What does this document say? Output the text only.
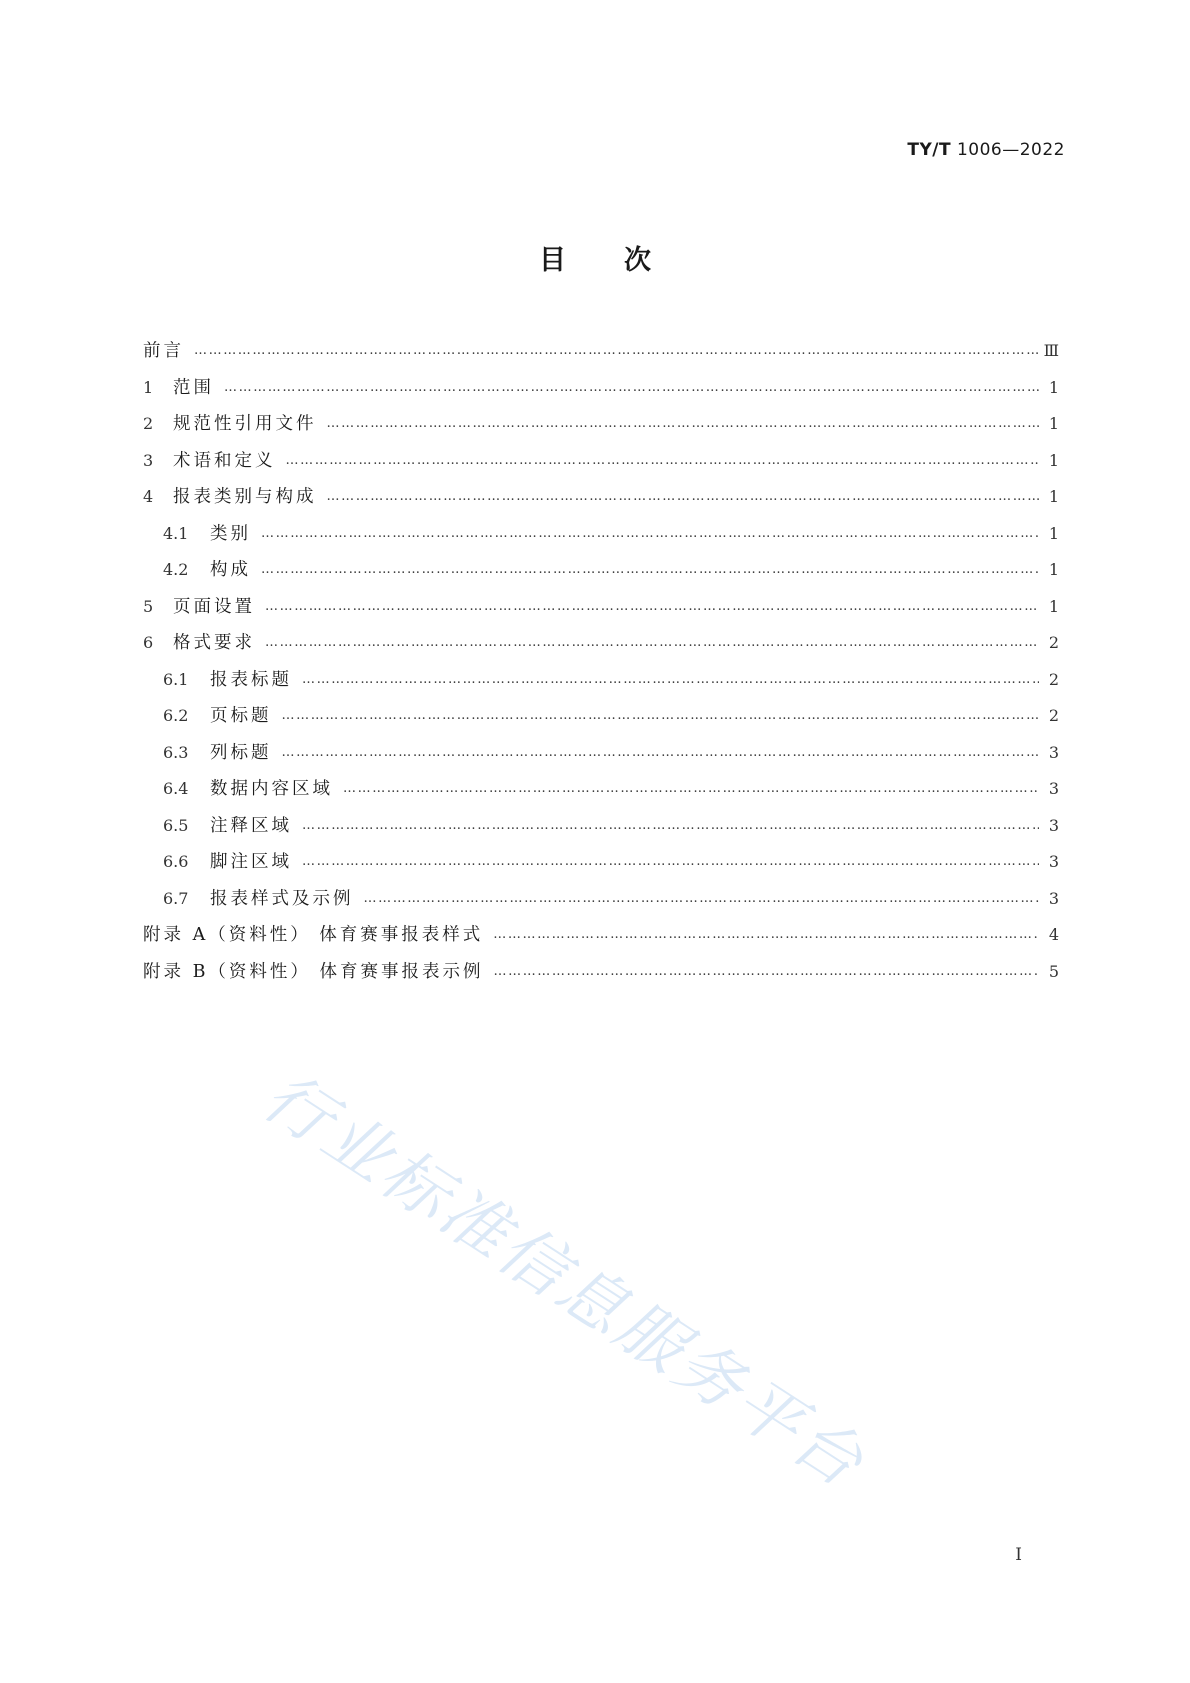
TY/T 1006—2022
目次
前言 …………………………………………………………………………………………………………………………………………………………………………………………………………………………………………	Ⅲ
1	范围 …………………………………………………………………………………………………………………………………………………………………………………………………………………………………………	1
2	规范性引用文件 …………………………………………………………………………………………………………………………………………………………………………………………………………………………………………	1
3	术语和定义 …………………………………………………………………………………………………………………………………………………………………………………………………………………………………………	1
4	报表类别与构成 …………………………………………………………………………………………………………………………………………………………………………………………………………………………………………	1
4.1	类别 …………………………………………………………………………………………………………………………………………………………………………………………………………………………………………	1
4.2	构成 …………………………………………………………………………………………………………………………………………………………………………………………………………………………………………	1
5	页面设置 …………………………………………………………………………………………………………………………………………………………………………………………………………………………………………	1
6	格式要求 …………………………………………………………………………………………………………………………………………………………………………………………………………………………………………	2
6.1	报表标题 …………………………………………………………………………………………………………………………………………………………………………………………………………………………………………	2
6.2	页标题 …………………………………………………………………………………………………………………………………………………………………………………………………………………………………………	2
6.3	列标题 …………………………………………………………………………………………………………………………………………………………………………………………………………………………………………	3
6.4	数据内容区域 …………………………………………………………………………………………………………………………………………………………………………………………………………………………………………	3
6.5	注释区域 …………………………………………………………………………………………………………………………………………………………………………………………………………………………………………	3
6.6	脚注区域 …………………………………………………………………………………………………………………………………………………………………………………………………………………………………………	3
6.7	报表样式及示例 …………………………………………………………………………………………………………………………………………………………………………………………………………………………………………	3
附录 A（资料性） 体育赛事报表样式 …………………………………………………………………………………………………………………………………………………………………………………………………………………………………………	4
附录 B（资料性） 体育赛事报表示例 …………………………………………………………………………………………………………………………………………………………………………………………………………………………………………	5
行业标准信息服务平台
Ⅰ
